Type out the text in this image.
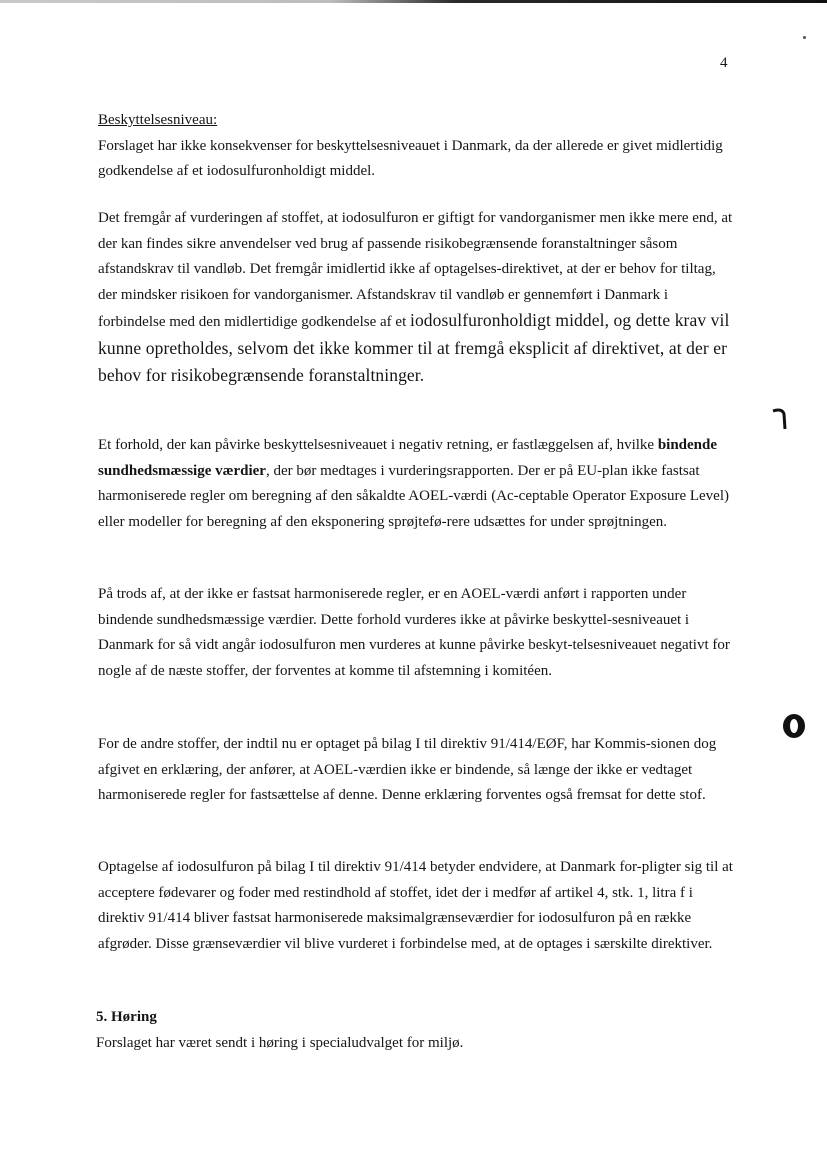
4

Beskyttelsesniveau:

Forslaget har ikke konsekvenser for beskyttelsesniveauet i Danmark, da der allerede er givet midlertidig godkendelse af et iodosulfuronholdigt middel.

Det fremgår af vurderingen af stoffet, at iodosulfuron er giftigt for vandorganismer men ikke mere end, at der kan findes sikre anvendelser ved brug af passende risikobegrænsende foranstaltninger såsom afstandskrav til vandløb. Det fremgår imidlertid ikke af optagelses-direktivet, at der er behov for tiltag, der mindsker risikoen for vandorganismer. Afstandskrav til vandløb er gennemført i Danmark i forbindelse med den midlertidige godkendelse af et iodosulfuronholdigt middel, og dette krav vil kunne opretholdes, selvom det ikke kommer til at fremgå eksplicit af direktivet, at der er behov for risikobegrænsende foranstaltninger.

Et forhold, der kan påvirke beskyttelsesniveauet i negativ retning, er fastlæggelsen af, hvilke bindende sundhedsmæssige værdier, der bør medtages i vurderingsrapporten. Der er på EU-plan ikke fastsat harmoniserede regler om beregning af den såkaldte AOEL-værdi (Ac-ceptable Operator Exposure Level) eller modeller for beregning af den eksponering sprøjtefø-rere udsættes for under sprøjtningen.

På trods af, at der ikke er fastsat harmoniserede regler, er en AOEL-værdi anført i rapporten under bindende sundhedsmæssige værdier. Dette forhold vurderes ikke at påvirke beskyttel-sesniveauet i Danmark for så vidt angår iodosulfuron men vurderes at kunne påvirke beskyt-telsesniveauet negativt for nogle af de næste stoffer, der forventes at komme til afstemning i komitéen.

For de andre stoffer, der indtil nu er optaget på bilag I til direktiv 91/414/EØF, har Kommis-sionen dog afgivet en erklæring, der anfører, at AOEL-værdien ikke er bindende, så længe der ikke er vedtaget harmoniserede regler for fastsættelse af denne. Denne erklæring forventes også fremsat for dette stof.

Optagelse af iodosulfuron på bilag I til direktiv 91/414 betyder endvidere, at Danmark for-pligter sig til at acceptere fødevarer og foder med restindhold af stoffet, idet der i medfør af artikel 4, stk. 1, litra f i direktiv 91/414 bliver fastsat harmoniserede maksimalgrænseværdier for iodosulfuron på en række afgrøder. Disse grænseværdier vil blive vurderet i forbindelse med, at de optages i særskilte direktiver.

5. Høring

Forslaget har været sendt i høring i specialudvalget for miljø.
